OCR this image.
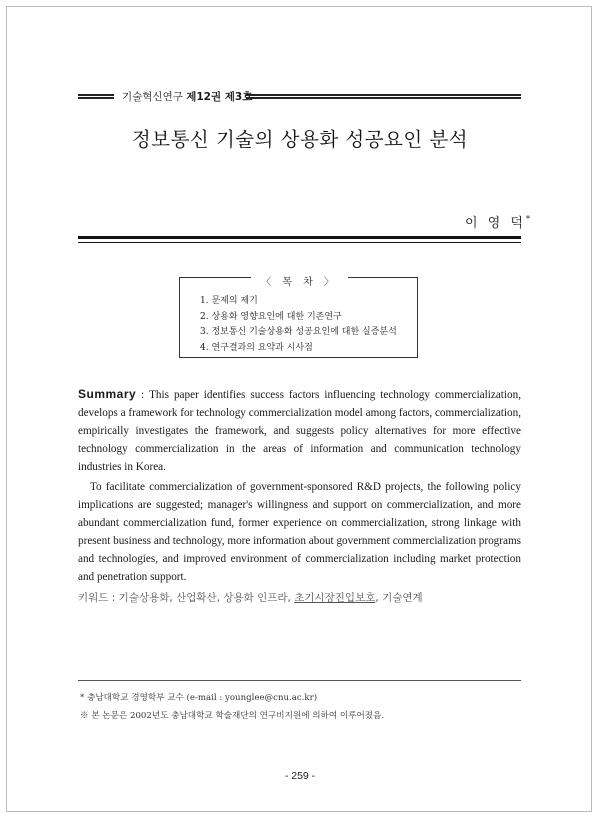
기술혁신연구 제12권 제3호
정보통신 기술의 상용화 성공요인 분석
이 영 덕*
〈 목 차 〉
1. 문제의 제기
2. 상용화 영향요인에 대한 기존연구
3. 정보통신 기술상용화 성공요인에 대한 실증분석
4. 연구결과의 요약과 시사점

Summary : This paper identifies success factors influencing technology commercialization, develops a framework for technology commercialization model among factors, commercialization, empirically investigates the framework, and suggests policy alternatives for more effective technology commercialization in the areas of information and communication technology industries in Korea.

To facilitate commercialization of government-sponsored R&D projects, the following policy implications are suggested; manager's willingness and support on commercialization, and more abundant commercialization fund, former experience on commercialization, strong linkage with present business and technology, more information about government commercialization programs and technologies, and improved environment of commercialization including market protection and penetration support.

키워드 : 기술상용화, 산업확산, 상용화 인프라, 초기시장진입보호, 기술연계
* 충남대학교 경영학부 교수 (e-mail : younglee@cnu.ac.kr)
※ 본 논문은 2002년도 충남대학교 학술재단의 연구비지원에 의하여 이루어졌음.
- 259 -
